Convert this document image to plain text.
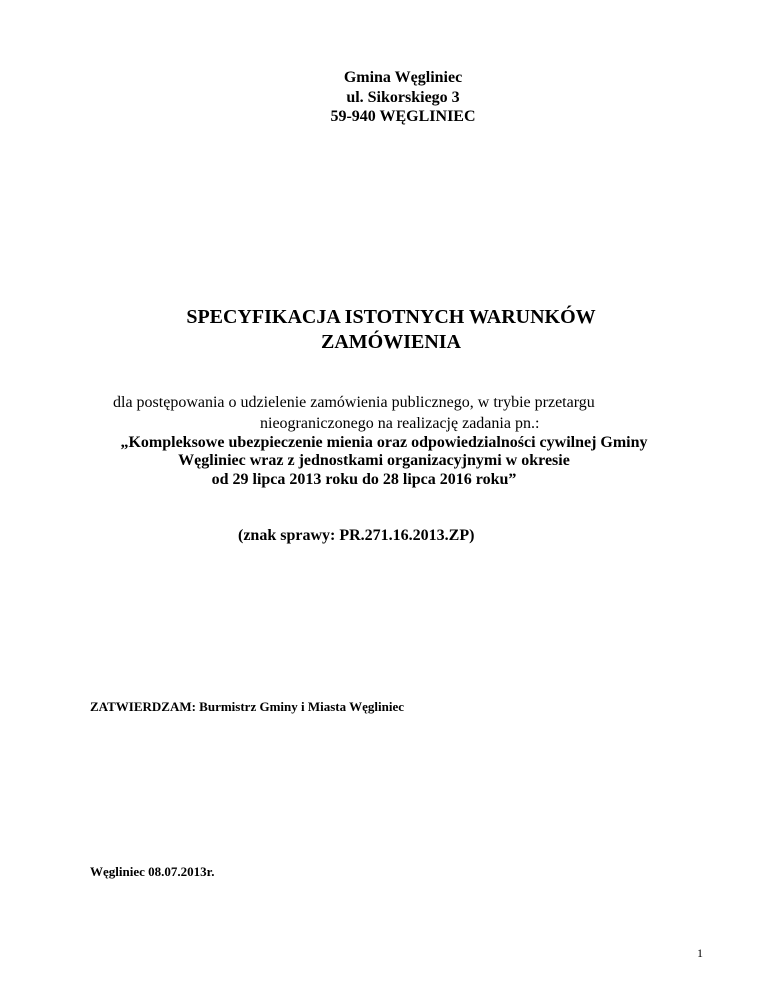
Gmina Węgliniec
ul. Sikorskiego 3
59-940 WĘGLINIEC
SPECYFIKACJA ISTOTNYCH WARUNKÓW
ZAMÓWIENIA
dla postępowania o udzielenie zamówienia publicznego, w trybie przetargu
nieograniczonego na realizację zadania pn.:
„Kompleksowe ubezpieczenie mienia oraz odpowiedzialności cywilnej Gminy
Węgliniec wraz z jednostkami organizacyjnymi w okresie
od 29 lipca 2013 roku do 28 lipca 2016 roku”
(znak sprawy: PR.271.16.2013.ZP)
ZATWIERDZAM: Burmistrz Gminy i Miasta Węgliniec
Węgliniec 08.07.2013r.
1
